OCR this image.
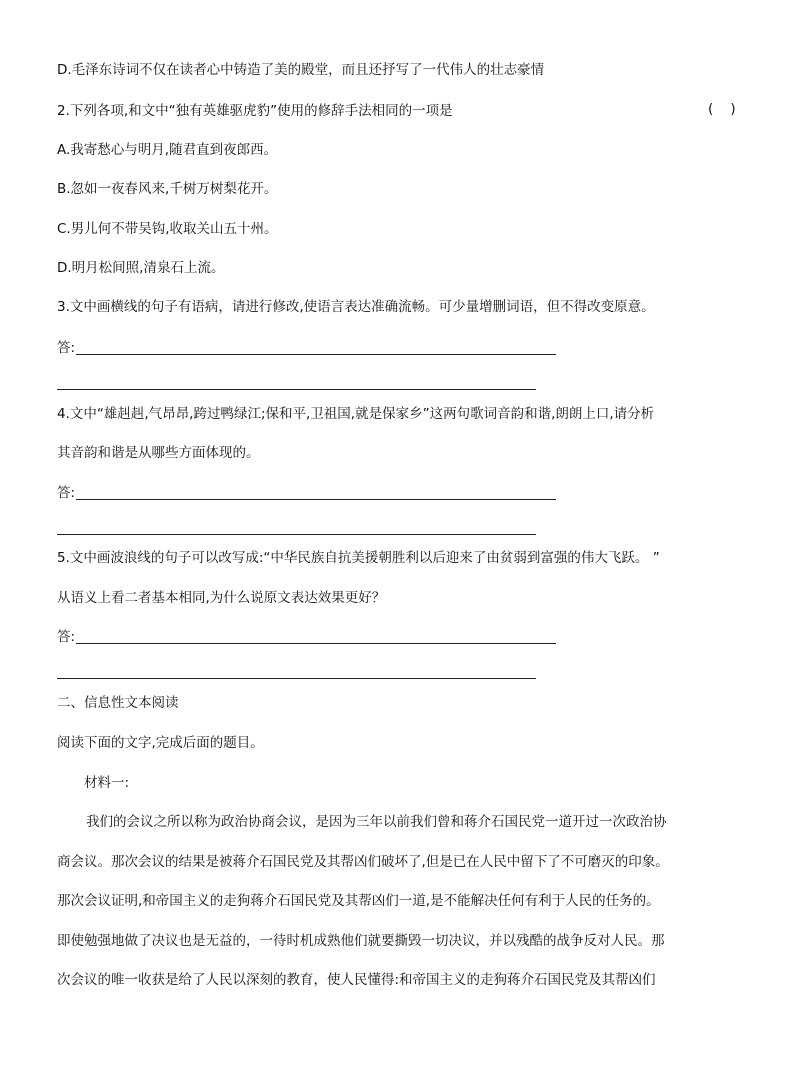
D.毛泽东诗词不仅在读者心中铸造了美的殿堂，而且还抒写了一代伟人的壮志豪情
2.下列各项,和文中“独有英雄驱虎豹”使用的修辞手法相同的一项是	(    )
A.我寄愁心与明月,随君直到夜郎西。
B.忽如一夜春风来,千树万树梨花开。
C.男儿何不带吴钩,收取关山五十州。
D.明月松间照,清泉石上流。
3.文中画横线的句子有语病，请进行修改,使语言表达准确流畅。可少量增删词语，但不得改变原意。
答:
4.文中“雄赳赳,气昂昂,跨过鸭绿江;保和平,卫祖国,就是保家乡”这两句歌词音韵和谐,朗朗上口,请分析
其音韵和谐是从哪些方面体现的。
答:
5.文中画波浪线的句子可以改写成:“中华民族自抗美援朝胜利以后迎来了由贫弱到富强的伟大飞跃。 ”
从语义上看二者基本相同,为什么说原文表达效果更好？
答:
二、信息性文本阅读
阅读下面的文字,完成后面的题目。
材料一:
我们的会议之所以称为政治协商会议，是因为三年以前我们曾和蒋介石国民党一道开过一次政治协
商会议。那次会议的结果是被蒋介石国民党及其帮凶们破坏了,但是已在人民中留下了不可磨灭的印象。
那次会议证明,和帝国主义的走狗蒋介石国民党及其帮凶们一道,是不能解决任何有利于人民的任务的。
即使勉强地做了决议也是无益的，一待时机成熟他们就要撕毁一切决议，并以残酷的战争反对人民。那
次会议的唯一收获是给了人民以深刻的教育，使人民懂得:和帝国主义的走狗蒋介石国民党及其帮凶们
